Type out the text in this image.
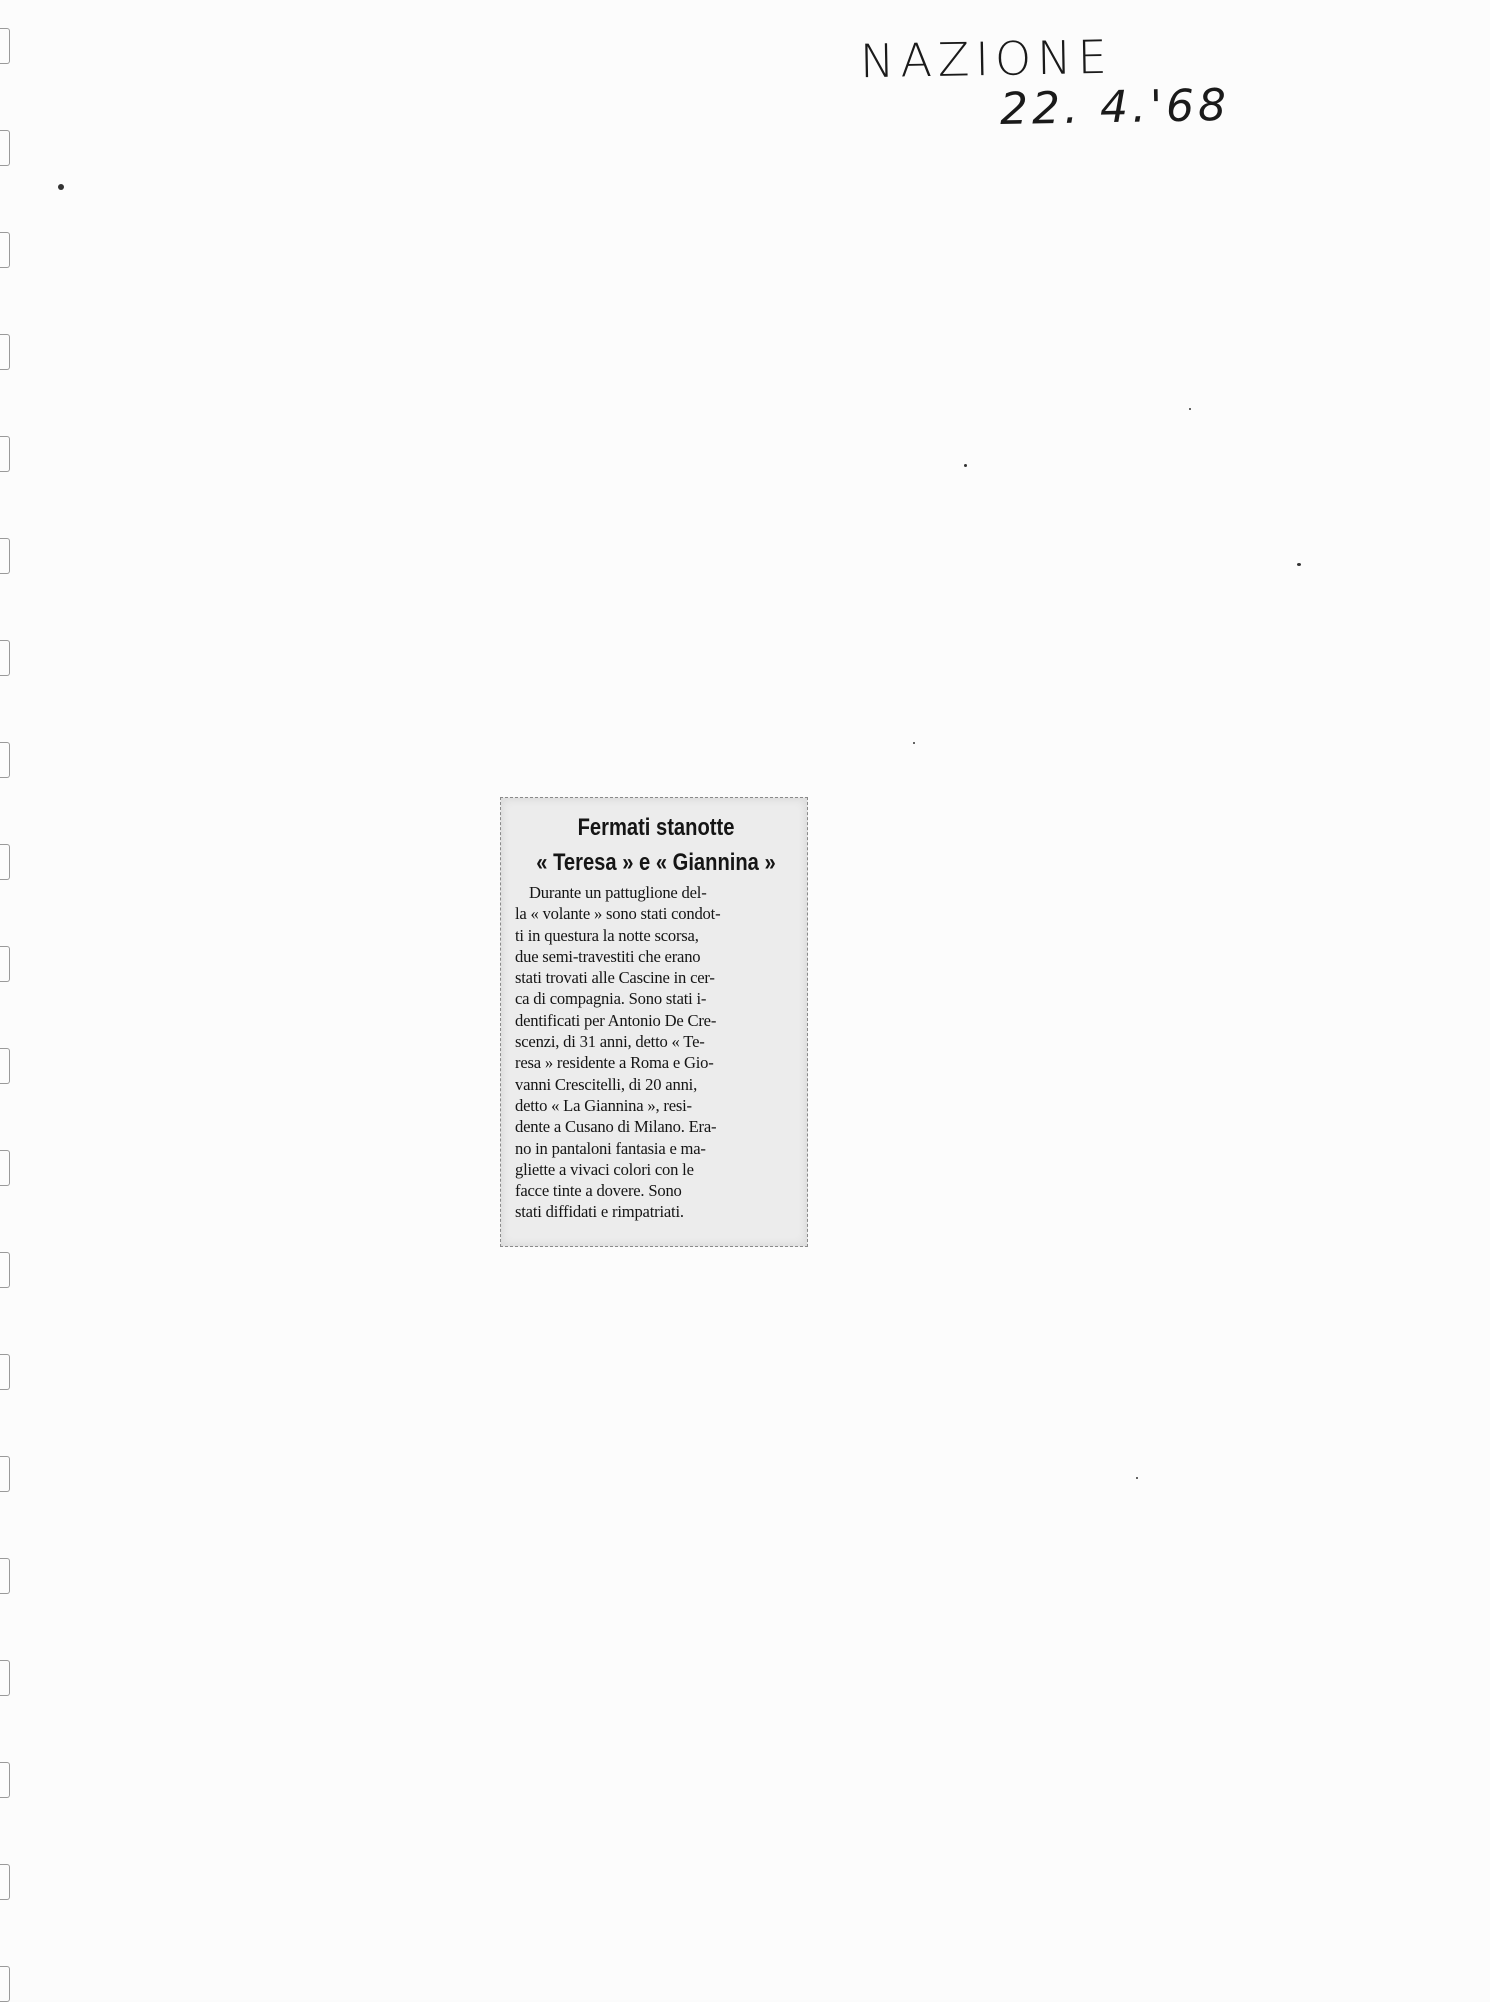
NAZIONE
22. 4.'68
Fermati stanotte
« Teresa » e « Giannina »
Durante un pattuglione del-
la « volante » sono stati condot-
ti in questura la notte scorsa,
due semi-travestiti che erano
stati trovati alle Cascine in cer-
ca di compagnia. Sono stati i-
dentificati per Antonio De Cre-
scenzi, di 31 anni, detto « Te-
resa » residente a Roma e Gio-
vanni Crescitelli, di 20 anni,
detto « La Giannina », resi-
dente a Cusano di Milano. Era-
no in pantaloni fantasia e ma-
gliette a vivaci colori con le
facce tinte a dovere. Sono
stati diffidati e rimpatriati.
